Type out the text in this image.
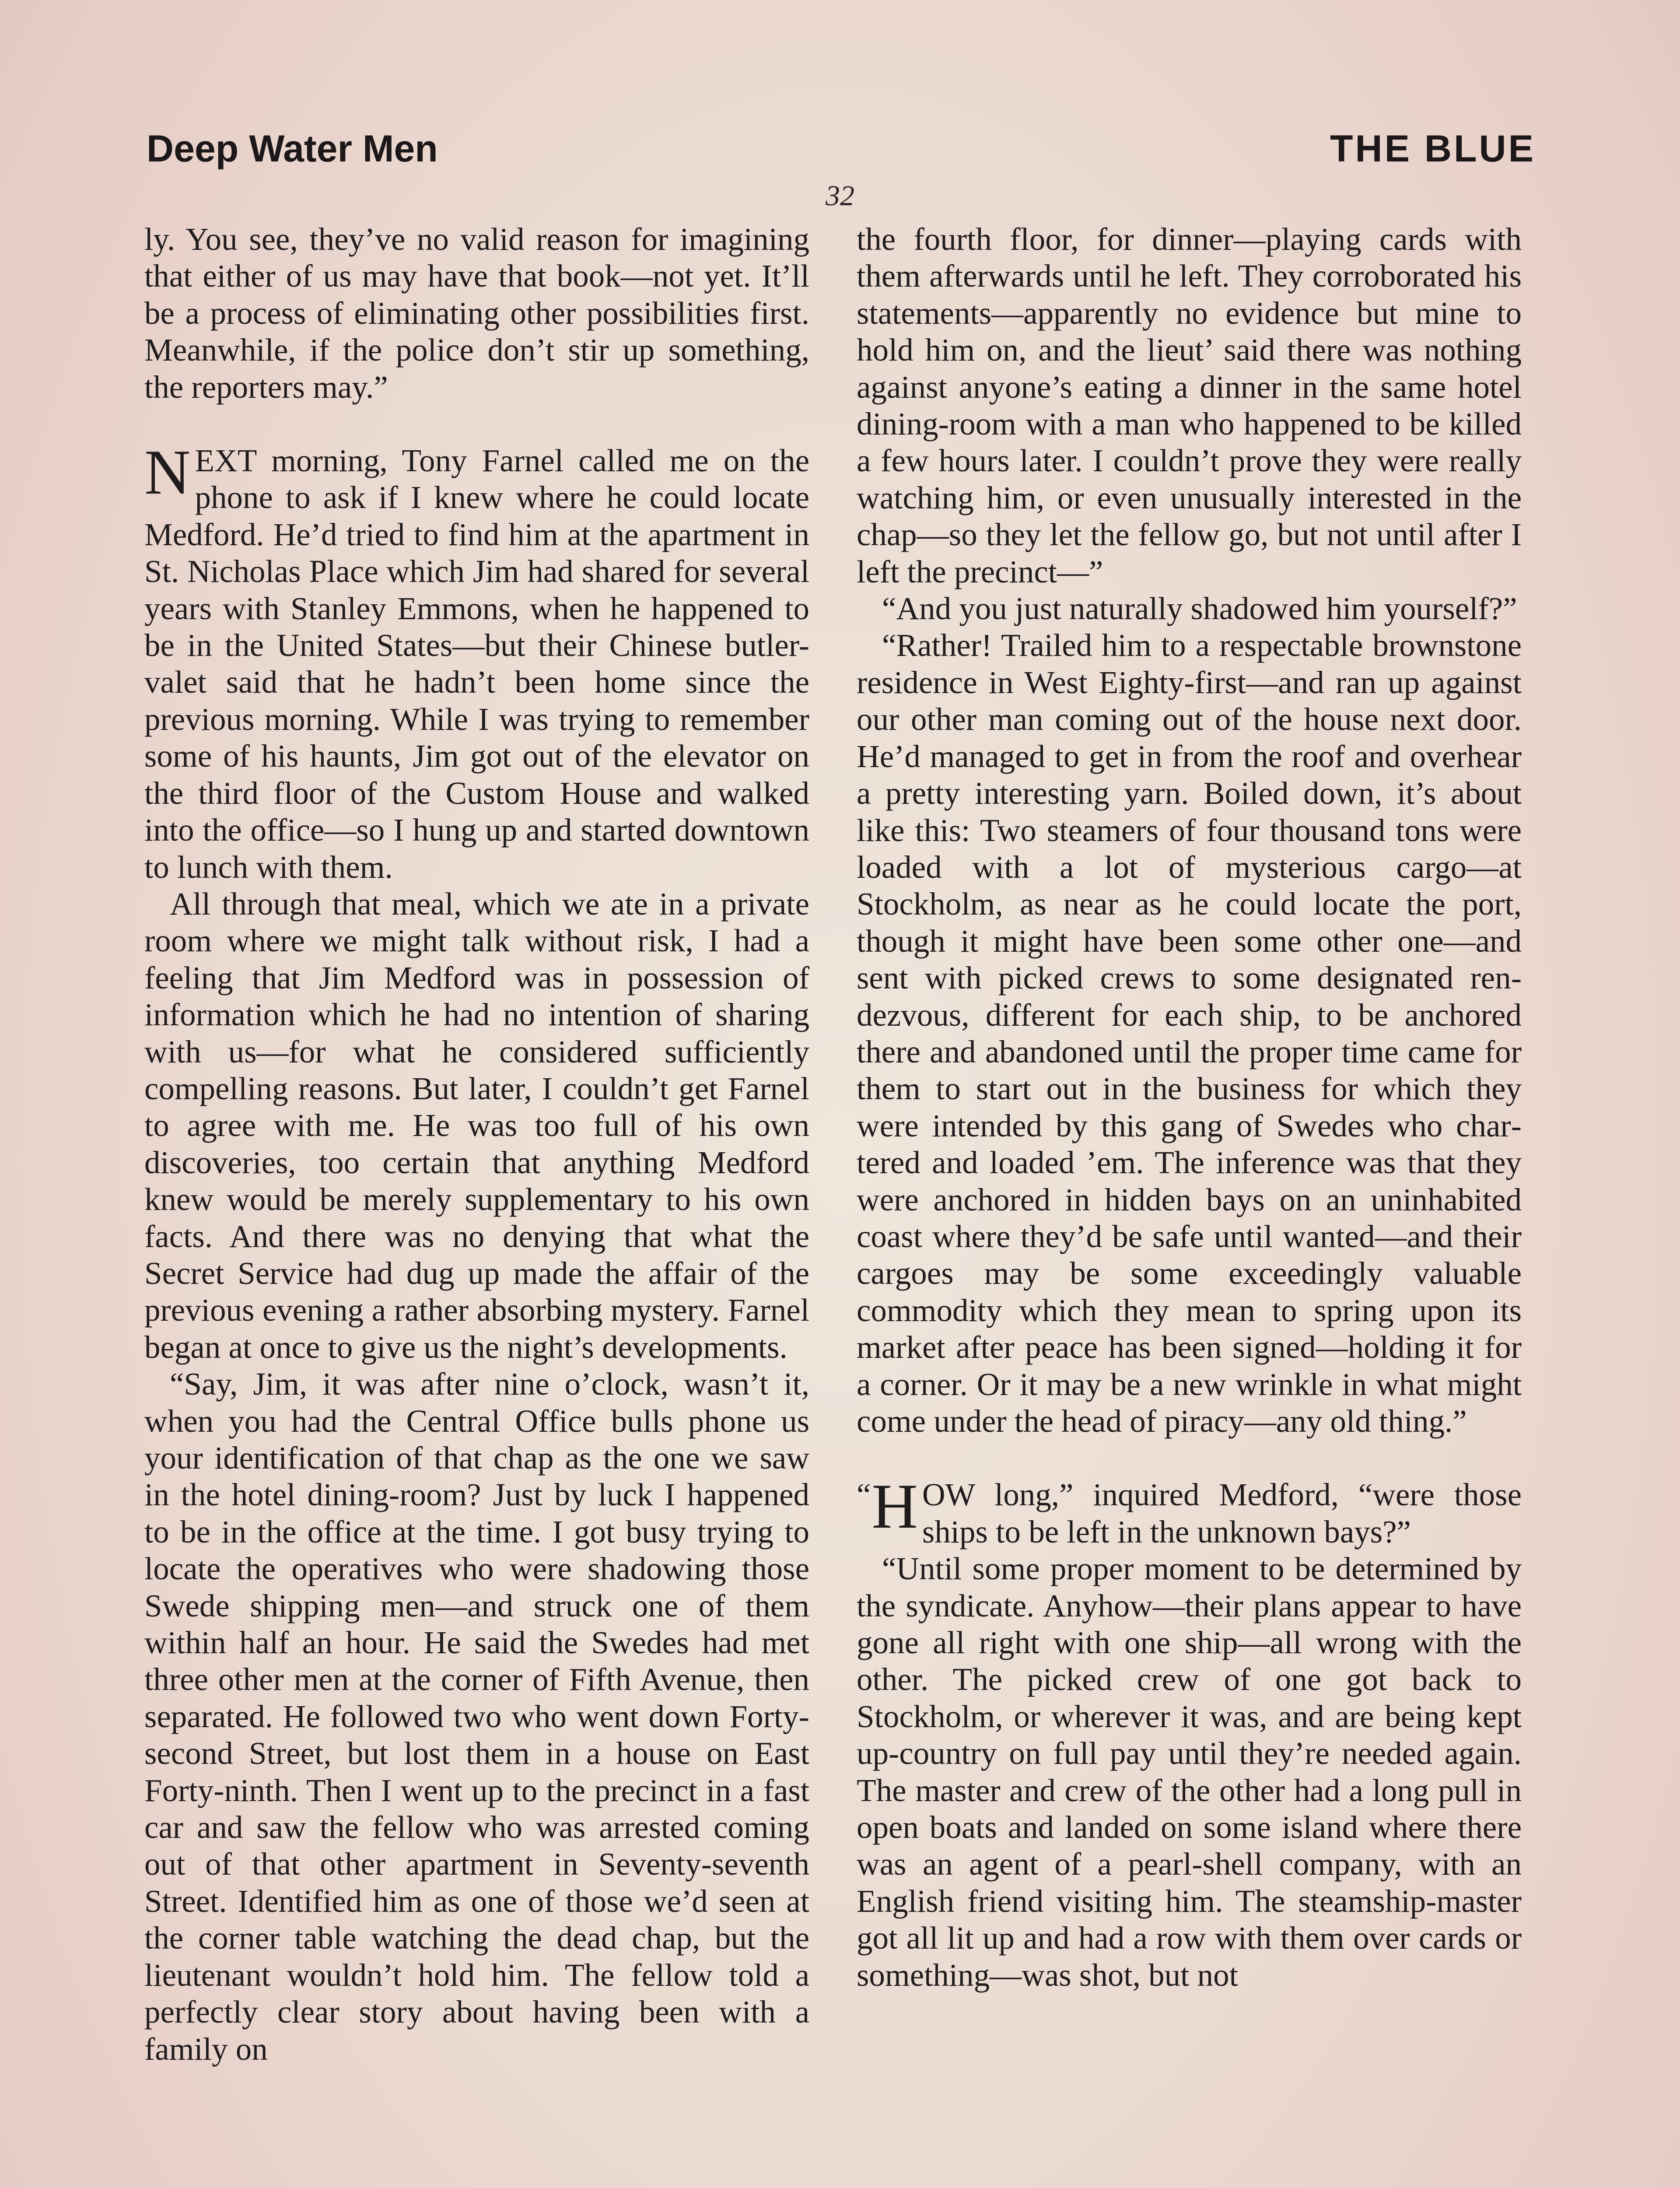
Deep Water Men	THE BLUE
32

ly. You see, they’ve no valid reason for imagining that either of us may have that book—not yet. It’ll be a process of eliminating other possibilities first. Meanwhile, if the police don’t stir up something, the reporters may.”

NEXT morning, Tony Farnel called me on the phone to ask if I knew where he could locate Medford. He’d tried to find him at the apartment in St. Nicholas Place which Jim had shared for several years with Stanley Emmons, when he happened to be in the United States—but their Chinese butler-valet said that he hadn’t been home since the previous morning. While I was trying to remember some of his haunts, Jim got out of the elevator on the third floor of the Custom House and walked into the office—so I hung up and started downtown to lunch with them.

All through that meal, which we ate in a private room where we might talk without risk, I had a feeling that Jim Medford was in possession of information which he had no intention of sharing with us—for what he considered sufficiently compelling reasons. But later, I couldn’t get Farnel to agree with me. He was too full of his own discoveries, too certain that anything Medford knew would be merely supplementary to his own facts. And there was no denying that what the Secret Service had dug up made the affair of the previous evening a rather absorbing mystery. Farnel began at once to give us the night’s developments.

“Say, Jim, it was after nine o’clock, wasn’t it, when you had the Central Office bulls phone us your identification of that chap as the one we saw in the hotel dining-room? Just by luck I happened to be in the office at the time. I got busy trying to locate the operatives who were shadowing those Swede shipping men—and struck one of them within half an hour. He said the Swedes had met three other men at the corner of Fifth Avenue, then separated. He followed two who went down Forty-second Street, but lost them in a house on East Forty-ninth. Then I went up to the precinct in a fast car and saw the fellow who was arrested coming out of that other apartment in Seventy-seventh Street. Identified him as one of those we’d seen at the corner table watching the dead chap, but the lieutenant wouldn’t hold him. The fellow told a perfectly clear story about having been with a family on

the fourth floor, for dinner—playing cards with them afterwards until he left. They corroborated his statements—apparently no evidence but mine to hold him on, and the lieut’ said there was nothing against anyone’s eating a dinner in the same hotel dining-room with a man who happened to be killed a few hours later. I couldn’t prove they were really watching him, or even unusually interested in the chap—so they let the fellow go, but not until after I left the precinct—”

“And you just naturally shadowed him yourself?”

“Rather! Trailed him to a respectable brownstone residence in West Eighty-first—and ran up against our other man coming out of the house next door. He’d managed to get in from the roof and overhear a pretty interesting yarn. Boiled down, it’s about like this: Two steamers of four thousand tons were loaded with a lot of mysterious cargo—at Stockholm, as near as he could locate the port, though it might have been some other one—and sent with picked crews to some designated rendezvous, different for each ship, to be anchored there and abandoned until the proper time came for them to start out in the business for which they were intended by this gang of Swedes who chartered and loaded ’em. The inference was that they were anchored in hidden bays on an uninhabited coast where they’d be safe until wanted—and their cargoes may be some exceedingly valuable commodity which they mean to spring upon its market after peace has been signed—holding it for a corner. Or it may be a new wrinkle in what might come under the head of piracy—any old thing.”

“ H OW long,” inquired Medford, “were those ships to be left in the unknown bays?”

“Until some proper moment to be determined by the syndicate. Anyhow—their plans appear to have gone all right with one ship—all wrong with the other. The picked crew of one got back to Stockholm, or wherever it was, and are being kept up-country on full pay until they’re needed again. The master and crew of the other had a long pull in open boats and landed on some island where there was an agent of a pearl-shell company, with an English friend visiting him. The steamship-master got all lit up and had a row with them over cards or something—was shot, but not
